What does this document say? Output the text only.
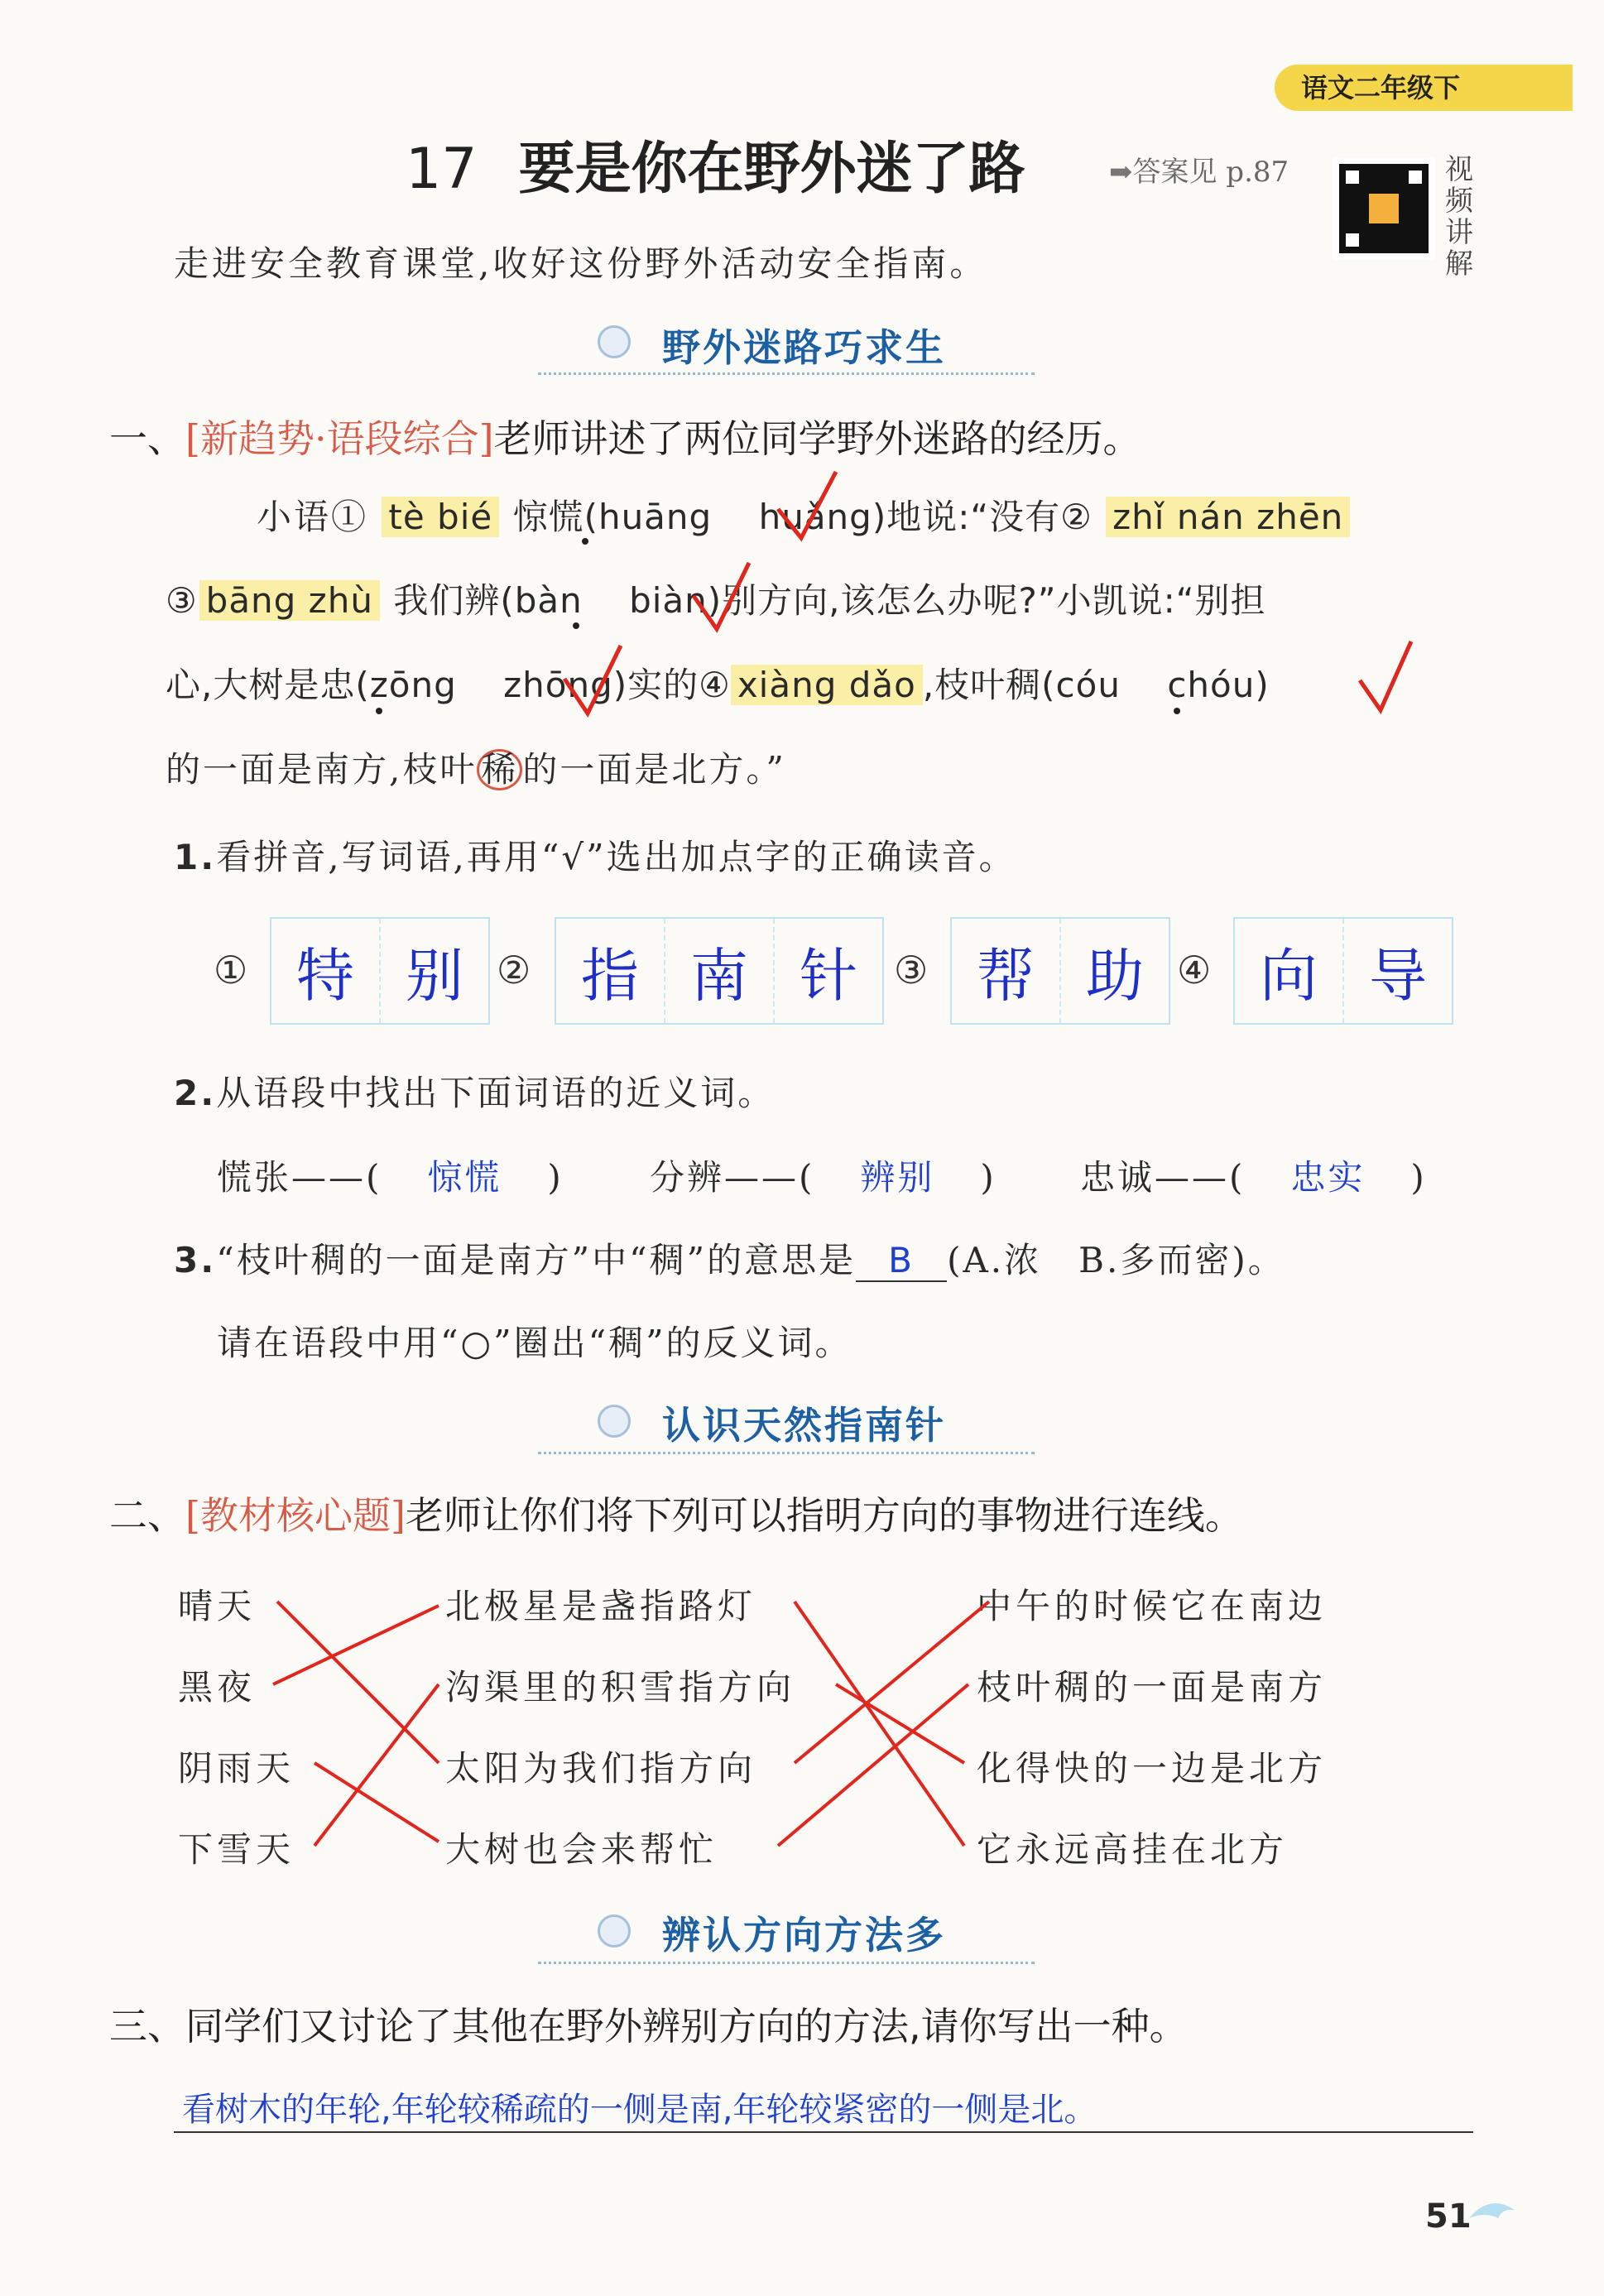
语文二年级下
17 要是你在野外迷了路	➡答案见 p.87	视
频
讲
解
走进安全教育课堂,收好这份野外活动安全指南。
野外迷路巧求生
一、[新趋势·语段综合]老师讲述了两位同学野外迷路的经历。
小语① tè bié 惊慌(huāng huǎng)地说:“没有② zhǐ nán zhēn
③ bāng zhù 我们辨(bàn biàn)别方向,该怎么办呢?”小凯说:“别担
心,大树是忠(zōng zhōng)实的④ xiàng dǎo ,枝叶稠(cóu chóu)
的一面是南方,枝叶 稀 的一面是北方。”
1.看拼音,写词语,再用“√”选出加点字的正确读音。
① 特 别 ② 指 南 针 ③ 帮 助 ④ 向 导
2.从语段中找出下面词语的近义词。
慌张——( 惊慌 ) 分辨——( 辨别 ) 忠诚——( 忠实 )
3.“枝叶稠的一面是南方”中“稠”的意思是 B (A.浓　B.多而密)。
请在语段中用“○”圈出“稠”的反义词。
认识天然指南针
二、[教材核心题]老师让你们将下列可以指明方向的事物进行连线。
晴天
黑夜
阴雨天
下雪天
北极星是盏指路灯
沟渠里的积雪指方向
太阳为我们指方向
大树也会来帮忙
中午的时候它在南边
枝叶稠的一面是南方
化得快的一边是北方
它永远高挂在北方
辨认方向方法多
三、同学们又讨论了其他在野外辨别方向的方法,请你写出一种。
看树木的年轮,年轮较稀疏的一侧是南,年轮较紧密的一侧是北。
51
